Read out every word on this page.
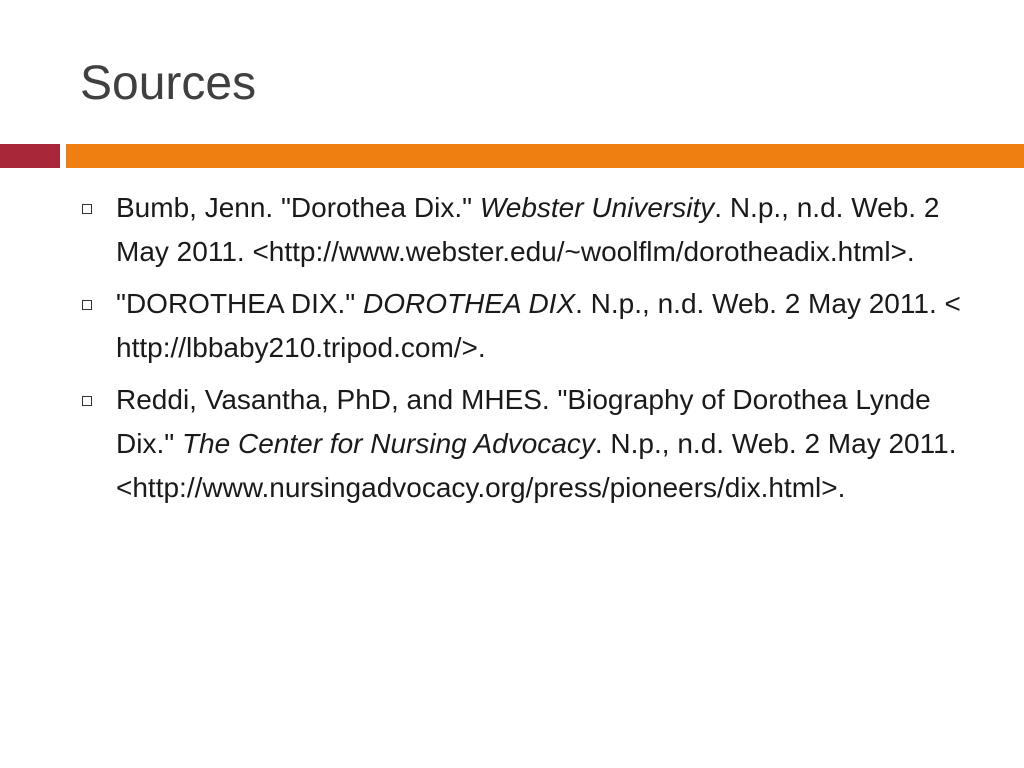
Sources
Bumb, Jenn. "Dorothea Dix." Webster University. N.p., n.d. Web. 2 May 2011. <http://www.webster.edu/~woolflm/dorotheadix.html>.
"DOROTHEA DIX." DOROTHEA DIX. N.p., n.d. Web. 2 May 2011. <http://lbbaby210.tripod.com/>.
Reddi, Vasantha, PhD, and MHES. "Biography of Dorothea Lynde Dix." The Center for Nursing Advocacy. N.p., n.d. Web. 2 May 2011. <http://www.nursingadvocacy.org/press/pioneers/dix.html>.
